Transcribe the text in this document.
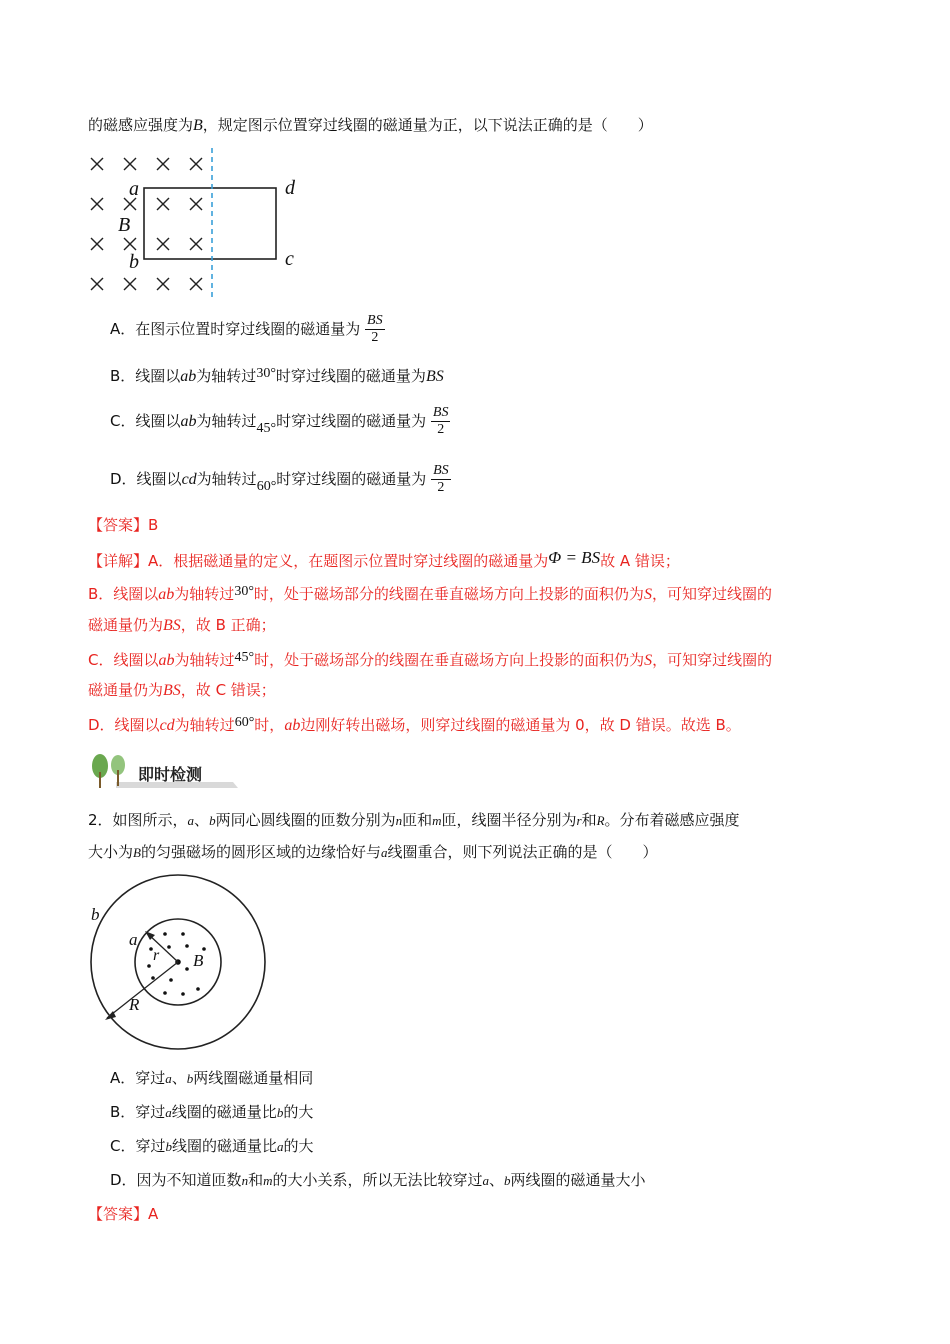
的磁感应强度为B，规定图示位置穿过线圈的磁通量为正，以下说法正确的是（　　）
a	d
B
b	c
A．在图示位置时穿过线圈的磁通量为 $\frac{BS}{2}$
B．线圈以ab为轴转过30°时穿过线圈的磁通量为BS
C．线圈以ab为轴转过45°时穿过线圈的磁通量为 $\frac{BS}{2}$
D．线圈以cd为轴转过60°时穿过线圈的磁通量为 $\frac{BS}{2}$
【答案】B
【详解】A．根据磁通量的定义，在题图示位置时穿过线圈的磁通量为Φ = BS故 A 错误；
B．线圈以ab为轴转过30°时，处于磁场部分的线圈在垂直磁场方向上投影的面积仍为S，可知穿过线圈的
磁通量仍为BS，故 B 正确；
C．线圈以ab为轴转过45°时，处于磁场部分的线圈在垂直磁场方向上投影的面积仍为S，可知穿过线圈的
磁通量仍为BS，故 C 错误；
D．线圈以cd为轴转过60°时，ab边刚好转出磁场，则穿过线圈的磁通量为 0，故 D 错误。故选 B。
即时检测
2．如图所示，a、b两同心圆线圈的匝数分别为n匝和m匝，线圈半径分别为r和R。分布着磁感应强度
大小为B的匀强磁场的圆形区域的边缘恰好与a线圈重合，则下列说法正确的是（　　）
b
a
r B
R
A．穿过a、b两线圈磁通量相同
B．穿过a线圈的磁通量比b的大
C．穿过b线圈的磁通量比a的大
D．因为不知道匝数n和m的大小关系，所以无法比较穿过a、b两线圈的磁通量大小
【答案】A
